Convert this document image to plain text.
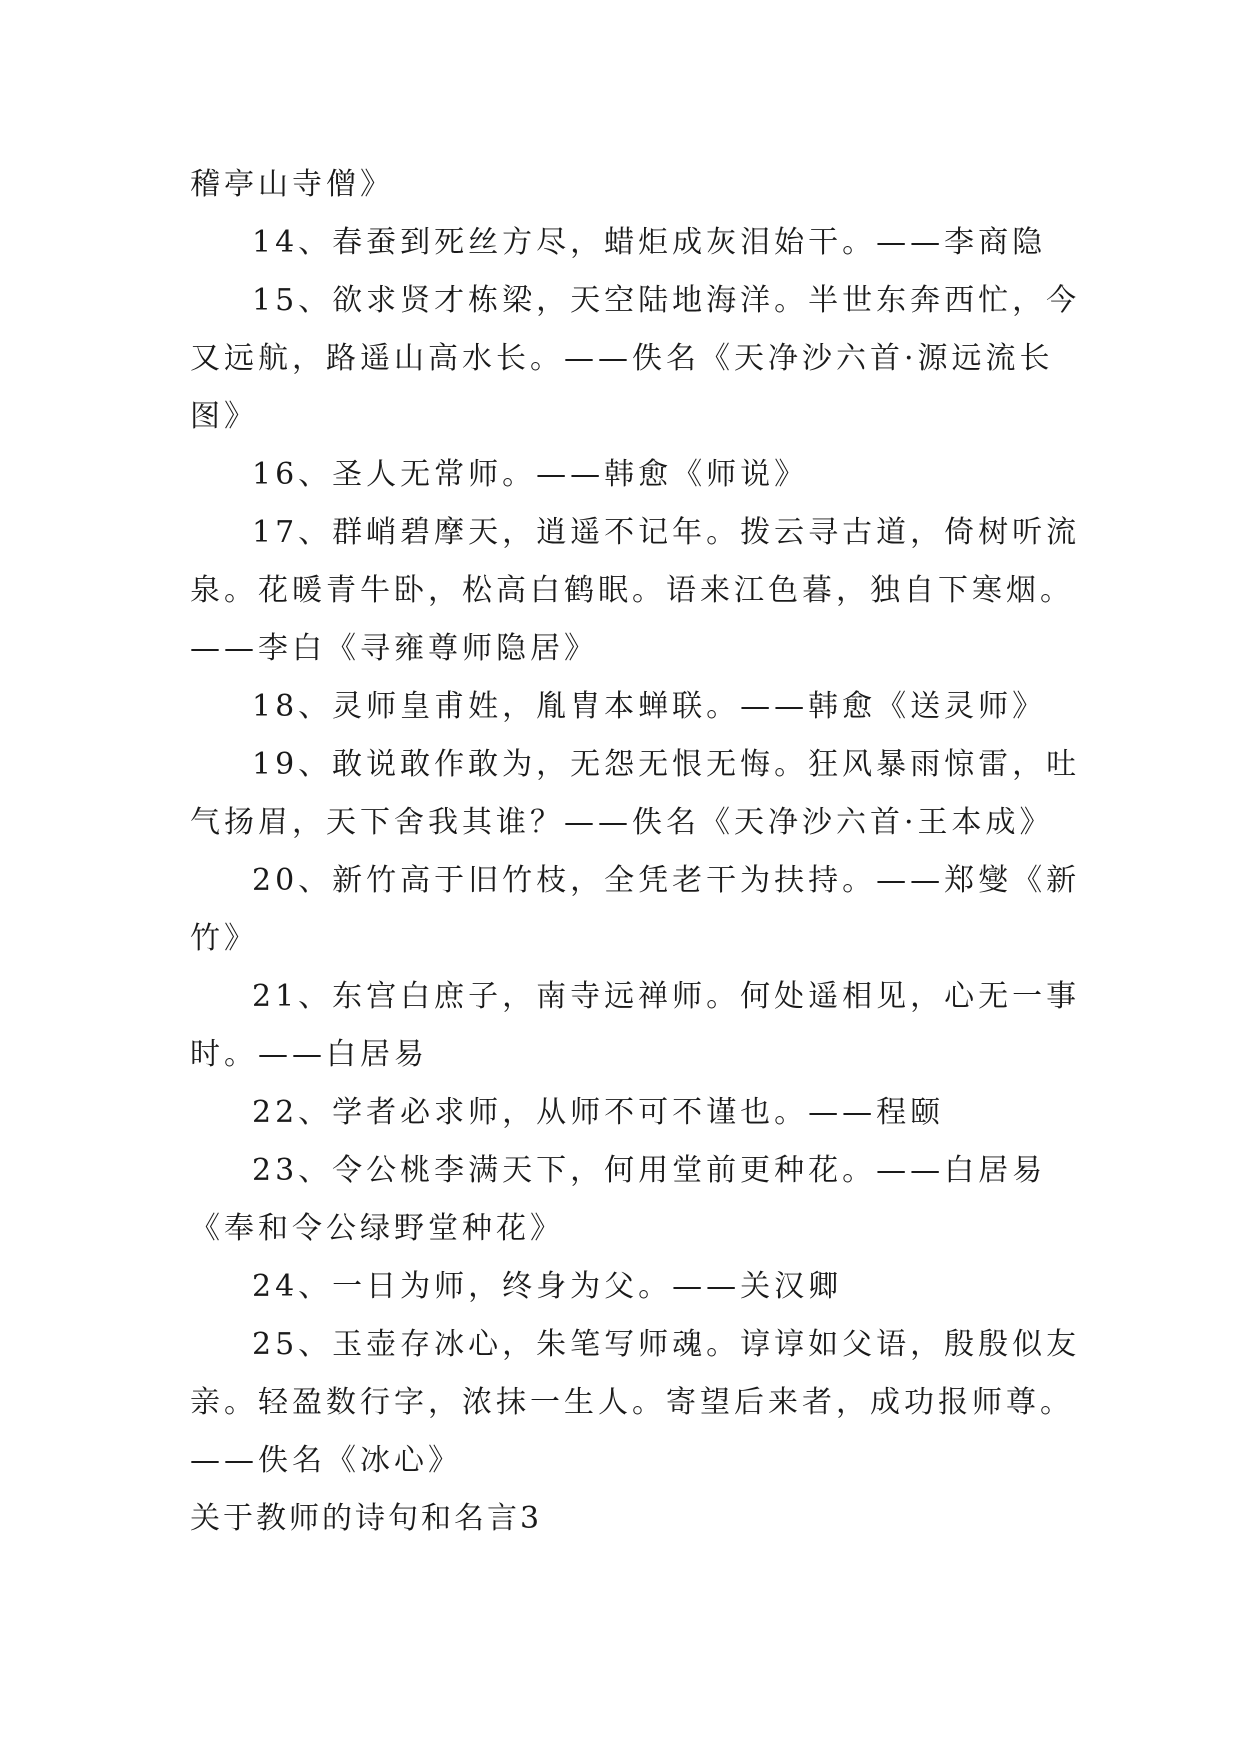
稽亭山寺僧》
14、春蚕到死丝方尽，蜡炬成灰泪始干。——李商隐
15、欲求贤才栋梁，天空陆地海洋。半世东奔西忙，今
又远航，路遥山高水长。——佚名《天净沙六首·源远流长
图》
16、圣人无常师。——韩愈《师说》
17、群峭碧摩天，逍遥不记年。拨云寻古道，倚树听流
泉。花暖青牛卧，松高白鹤眠。语来江色暮，独自下寒烟。
——李白《寻雍尊师隐居》
18、灵师皇甫姓，胤胄本蝉联。——韩愈《送灵师》
19、敢说敢作敢为，无怨无恨无悔。狂风暴雨惊雷，吐
气扬眉，天下舍我其谁？——佚名《天净沙六首·王本成》
20、新竹高于旧竹枝，全凭老干为扶持。——郑燮《新
竹》
21、东宫白庶子，南寺远禅师。何处遥相见，心无一事
时。——白居易
22、学者必求师，从师不可不谨也。——程颐
23、令公桃李满天下，何用堂前更种花。——白居易
《奉和令公绿野堂种花》
24、一日为师，终身为父。——关汉卿
25、玉壶存冰心，朱笔写师魂。谆谆如父语，殷殷似友
亲。轻盈数行字，浓抹一生人。寄望后来者，成功报师尊。
——佚名《冰心》
关于教师的诗句和名言3
